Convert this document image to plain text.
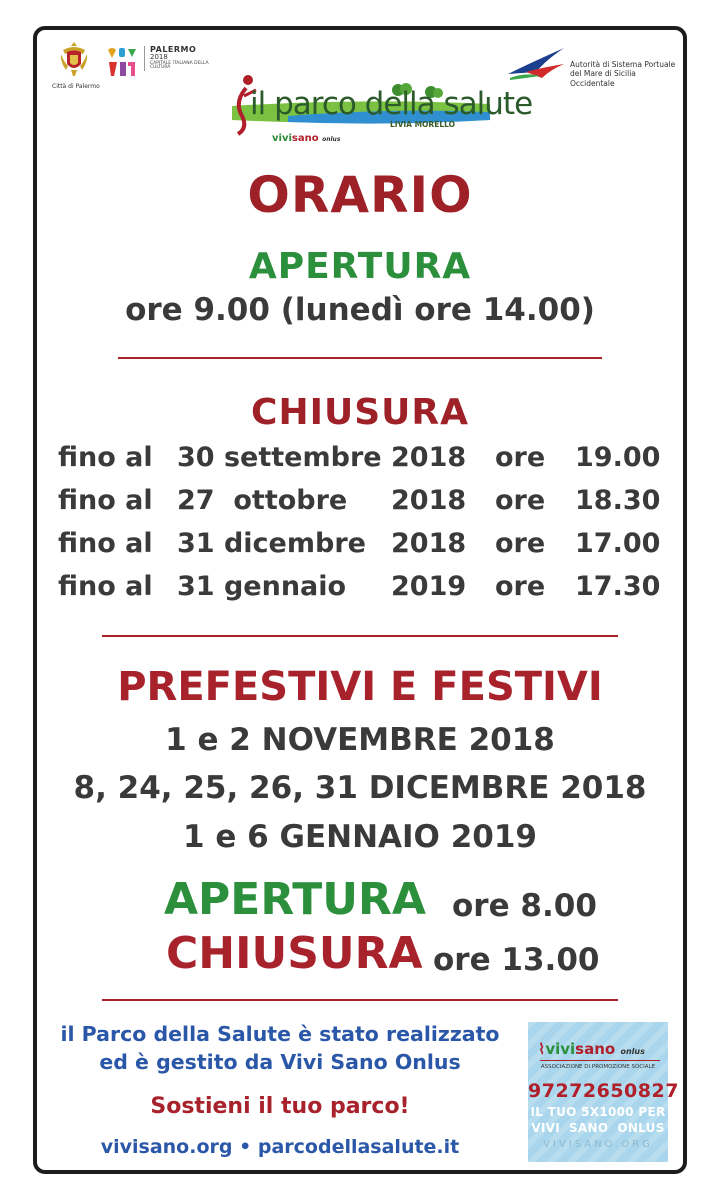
Città di Palermo
PALERMO
2018
CAPITALE ITALIANA DELLA CULTURA	Autorità di Sistema Portuale
del Mare di Sicilia Occidentale
il parco della salute
LIVIA MORELLO
vivisano onlus
ORARIO
APERTURA
ore 9.00 (lunedì ore 14.00)
CHIUSURA
fino al 30 settembre 2018 ore 19.00
fino al 27  ottobre 2018 ore 18.30
fino al 31 dicembre 2018 ore 17.00
fino al 31 gennaio 2019 ore 17.30
PREFESTIVI E FESTIVI
1 e 2 NOVEMBRE 2018
8, 24, 25, 26, 31 DICEMBRE 2018
1 e 6 GENNAIO 2019
APERTURA ore 8.00
CHIUSURA ore 13.00
il Parco della Salute è stato realizzato
ed è gestito da Vivi Sano Onlus
Sostieni il tuo parco!
vivisano.org • parcodellasalute.it
⌇vivisano onlus
ASSOCIAZIONE DI PROMOZIONE SOCIALE
97272650827
IL TUO 5X1000 PER
VIVI  SANO  ONLUS
VIVISANO.ORG
